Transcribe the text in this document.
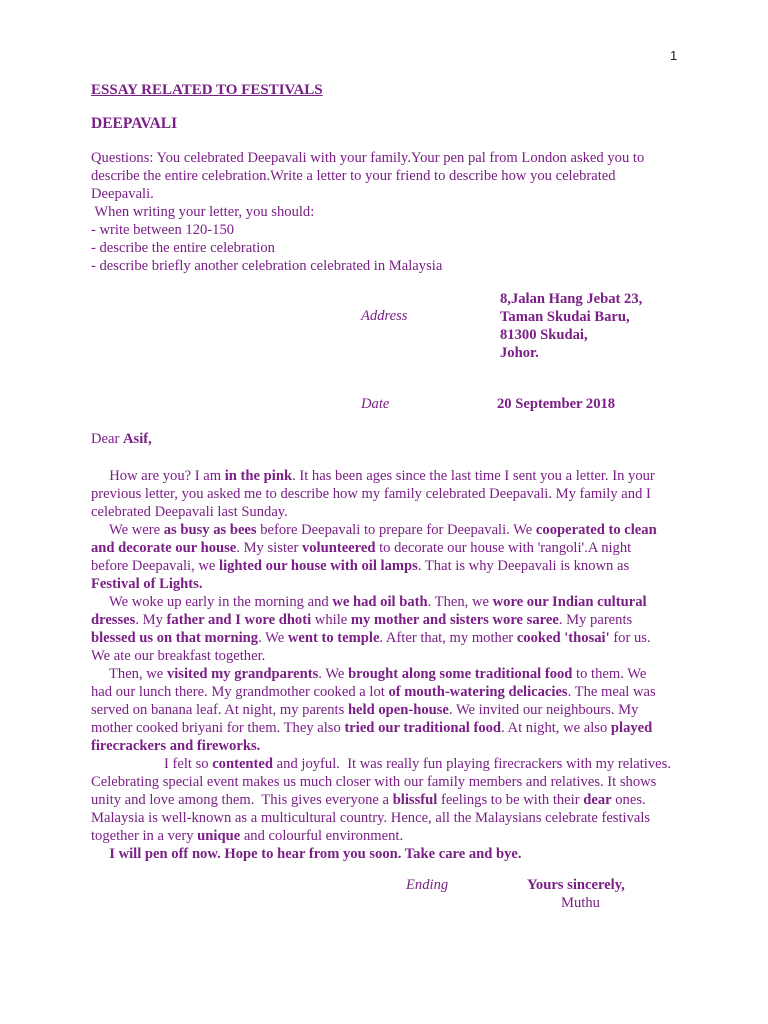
1
ESSAY RELATED TO FESTIVALS
DEEPAVALI
Questions: You celebrated Deepavali with your family.Your pen pal from London asked you to
describe the entire celebration.Write a letter to your friend to describe how you celebrated
Deepavali.
When writing your letter, you should:
- write between 120-150
- describe the entire celebration
- describe briefly another celebration celebrated in Malaysia
Address
8,Jalan Hang Jebat 23,
Taman Skudai Baru,
81300 Skudai,
Johor.
Date	20 September 2018
Dear Asif,
How are you? I am in the pink. It has been ages since the last time I sent you a letter. In your
previous letter, you asked me to describe how my family celebrated Deepavali. My family and I
celebrated Deepavali last Sunday.
We were as busy as bees before Deepavali to prepare for Deepavali. We cooperated to clean
and decorate our house. My sister volunteered to decorate our house with 'rangoli'.A night
before Deepavali, we lighted our house with oil lamps. That is why Deepavali is known as
Festival of Lights.
We woke up early in the morning and we had oil bath. Then, we wore our Indian cultural
dresses. My father and I wore dhoti while my mother and sisters wore saree. My parents
blessed us on that morning. We went to temple. After that, my mother cooked 'thosai' for us.
We ate our breakfast together.
Then, we visited my grandparents. We brought along some traditional food to them. We
had our lunch there. My grandmother cooked a lot of mouth-watering delicacies. The meal was
served on banana leaf. At night, my parents held open-house. We invited our neighbours. My
mother cooked briyani for them. They also tried our traditional food. At night, we also played
firecrackers and fireworks.
I felt so contented and joyful.  It was really fun playing firecrackers with my relatives.
Celebrating special event makes us much closer with our family members and relatives. It shows
unity and love among them.  This gives everyone a blissful feelings to be with their dear ones.
Malaysia is well-known as a multicultural country. Hence, all the Malaysians celebrate festivals
together in a very unique and colourful environment.
I will pen off now. Hope to hear from you soon. Take care and bye.
Ending	Yours sincerely,
Muthu
